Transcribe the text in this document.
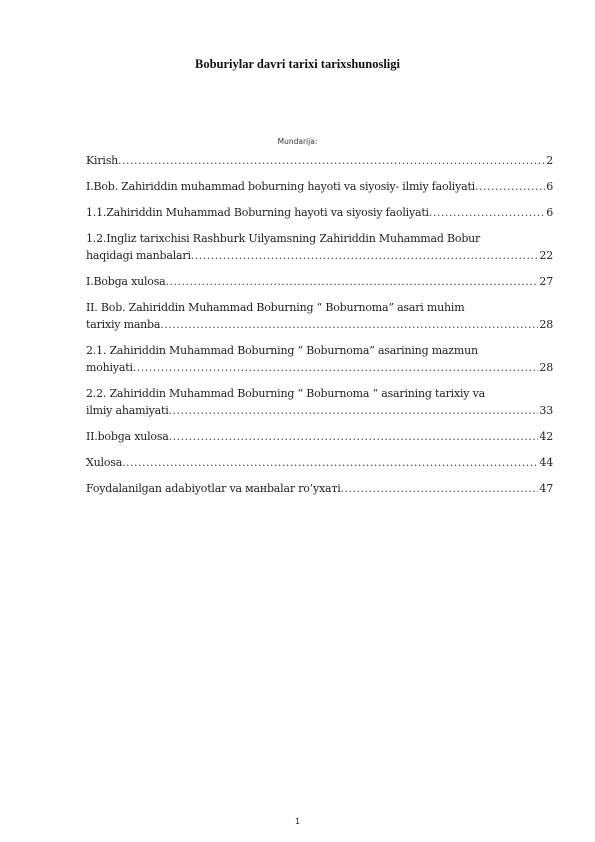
Boburiylar davri tarixi tarixshunosligi
Mundarija:
Kirish .....	2
I.Bob. Zahiriddin muhammad boburning hayoti va siyosiy- ilmiy faoliyati .....	6
1.1.Zahiriddin Muhammad Boburning hayoti va siyosiy faoliyati .....	6
1.2.Ingliz tarixchisi Rashburk Uilyamsning Zahiriddin Muhammad Bobur
haqidagi manbalari .....	22
I.Bobga xulosa .....	27
II. Bob. Zahiriddin Muhammad Boburning “ Boburnoma” asari muhim
tarixiy manba .....	28
2.1. Zahiriddin Muhammad Boburning “ Boburnoma” asarining mazmun
mohiyati .....	28
2.2. Zahiriddin Muhammad Boburning “ Boburnoma “ asarining tarixiy va
ilmiy ahamiyati .....	33
II.bobga xulosa .....	42
Xulosa .....	44
Foydalanilgan adabiyotlar va манbalar ro’yхатi .....	47
1
